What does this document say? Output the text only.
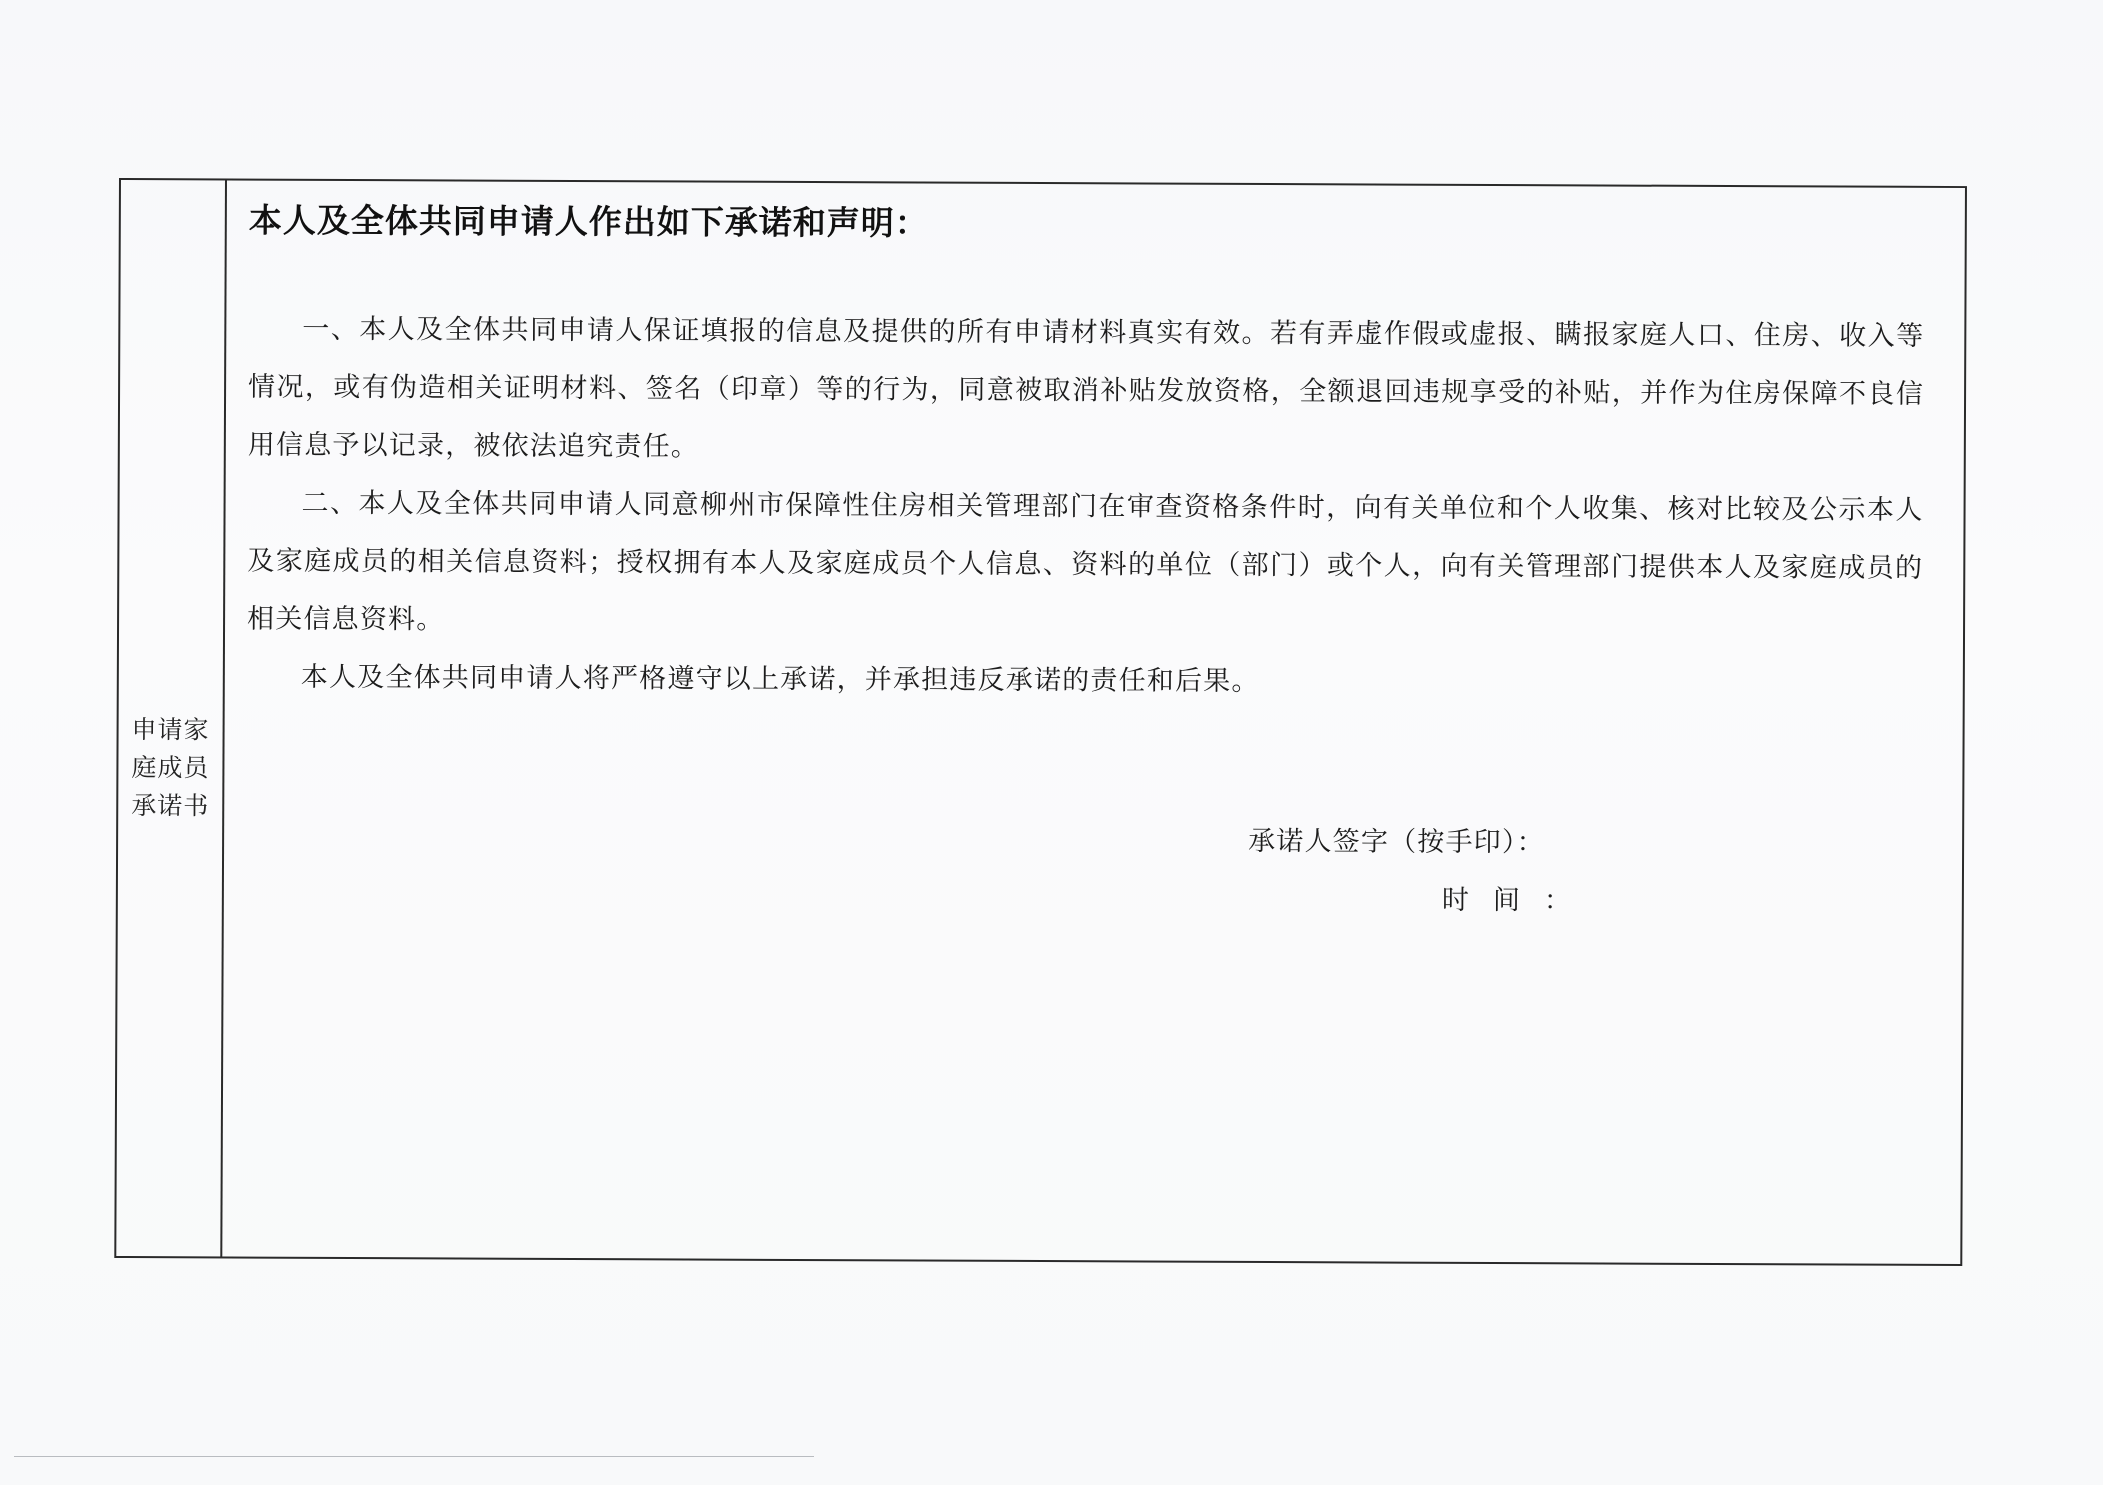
申请家庭成员承诺书
本人及全体共同申请人作出如下承诺和声明：

一、本人及全体共同申请人保证填报的信息及提供的所有申请材料真实有效。若有弄虚作假或虚报、瞒报家庭人口、住房、收入等情况，或有伪造相关证明材料、签名（印章）等的行为，同意被取消补贴发放资格，全额退回违规享受的补贴，并作为住房保障不良信用信息予以记录，被依法追究责任。

二、本人及全体共同申请人同意柳州市保障性住房相关管理部门在审查资格条件时，向有关单位和个人收集、核对比较及公示本人及家庭成员的相关信息资料；授权拥有本人及家庭成员个人信息、资料的单位（部门）或个人，向有关管理部门提供本人及家庭成员的相关信息资料。

本人及全体共同申请人将严格遵守以上承诺，并承担违反承诺的责任和后果。

承诺人签字（按手印）：
时间：
